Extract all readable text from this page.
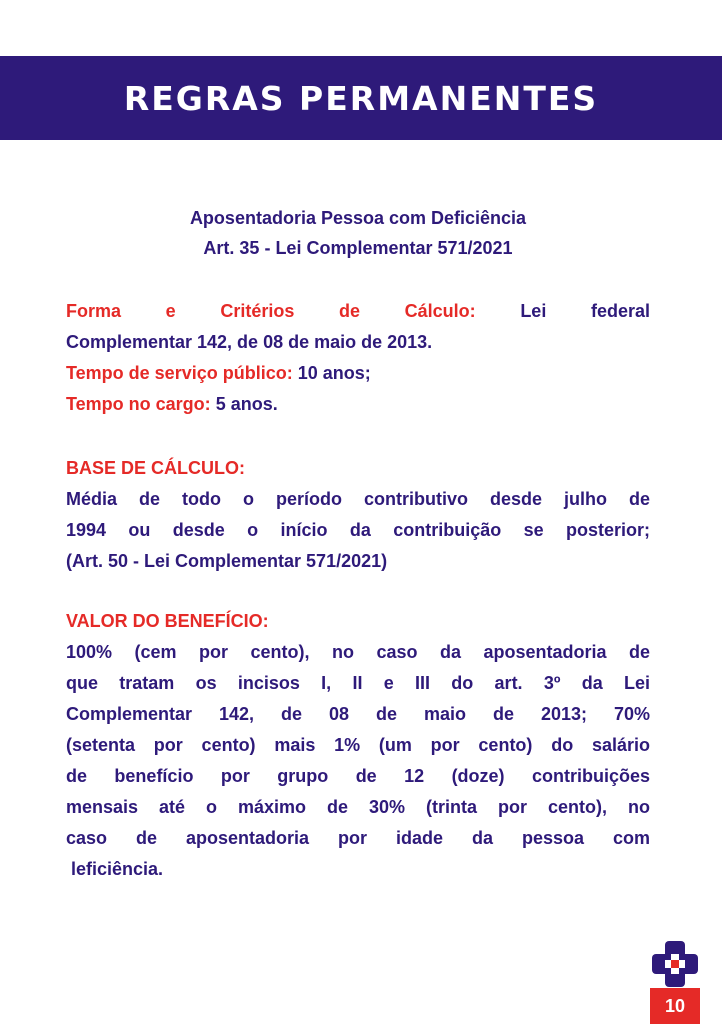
REGRAS PERMANENTES
Aposentadoria Pessoa com Deficiência
Art. 35 - Lei Complementar 571/2021
Forma e Critérios de Cálculo: Lei federal
Complementar 142, de 08 de maio de 2013.
Tempo de serviço público: 10 anos;
Tempo no cargo: 5 anos.
BASE DE CÁLCULO:
Média de todo o período contributivo desde julho de
1994 ou desde o início da contribuição se posterior;
(Art. 50 - Lei Complementar 571/2021)
VALOR DO BENEFÍCIO:
100% (cem por cento), no caso da aposentadoria de
que tratam os incisos I, II e III do art. 3º da Lei
Complementar 142, de 08 de maio de 2013; 70%
(setenta por cento) mais 1% (um por cento) do salário
de benefício por grupo de 12 (doze) contribuições
mensais até o máximo de 30% (trinta por cento), no
caso de aposentadoria por idade da pessoa com
leficiência.
10
